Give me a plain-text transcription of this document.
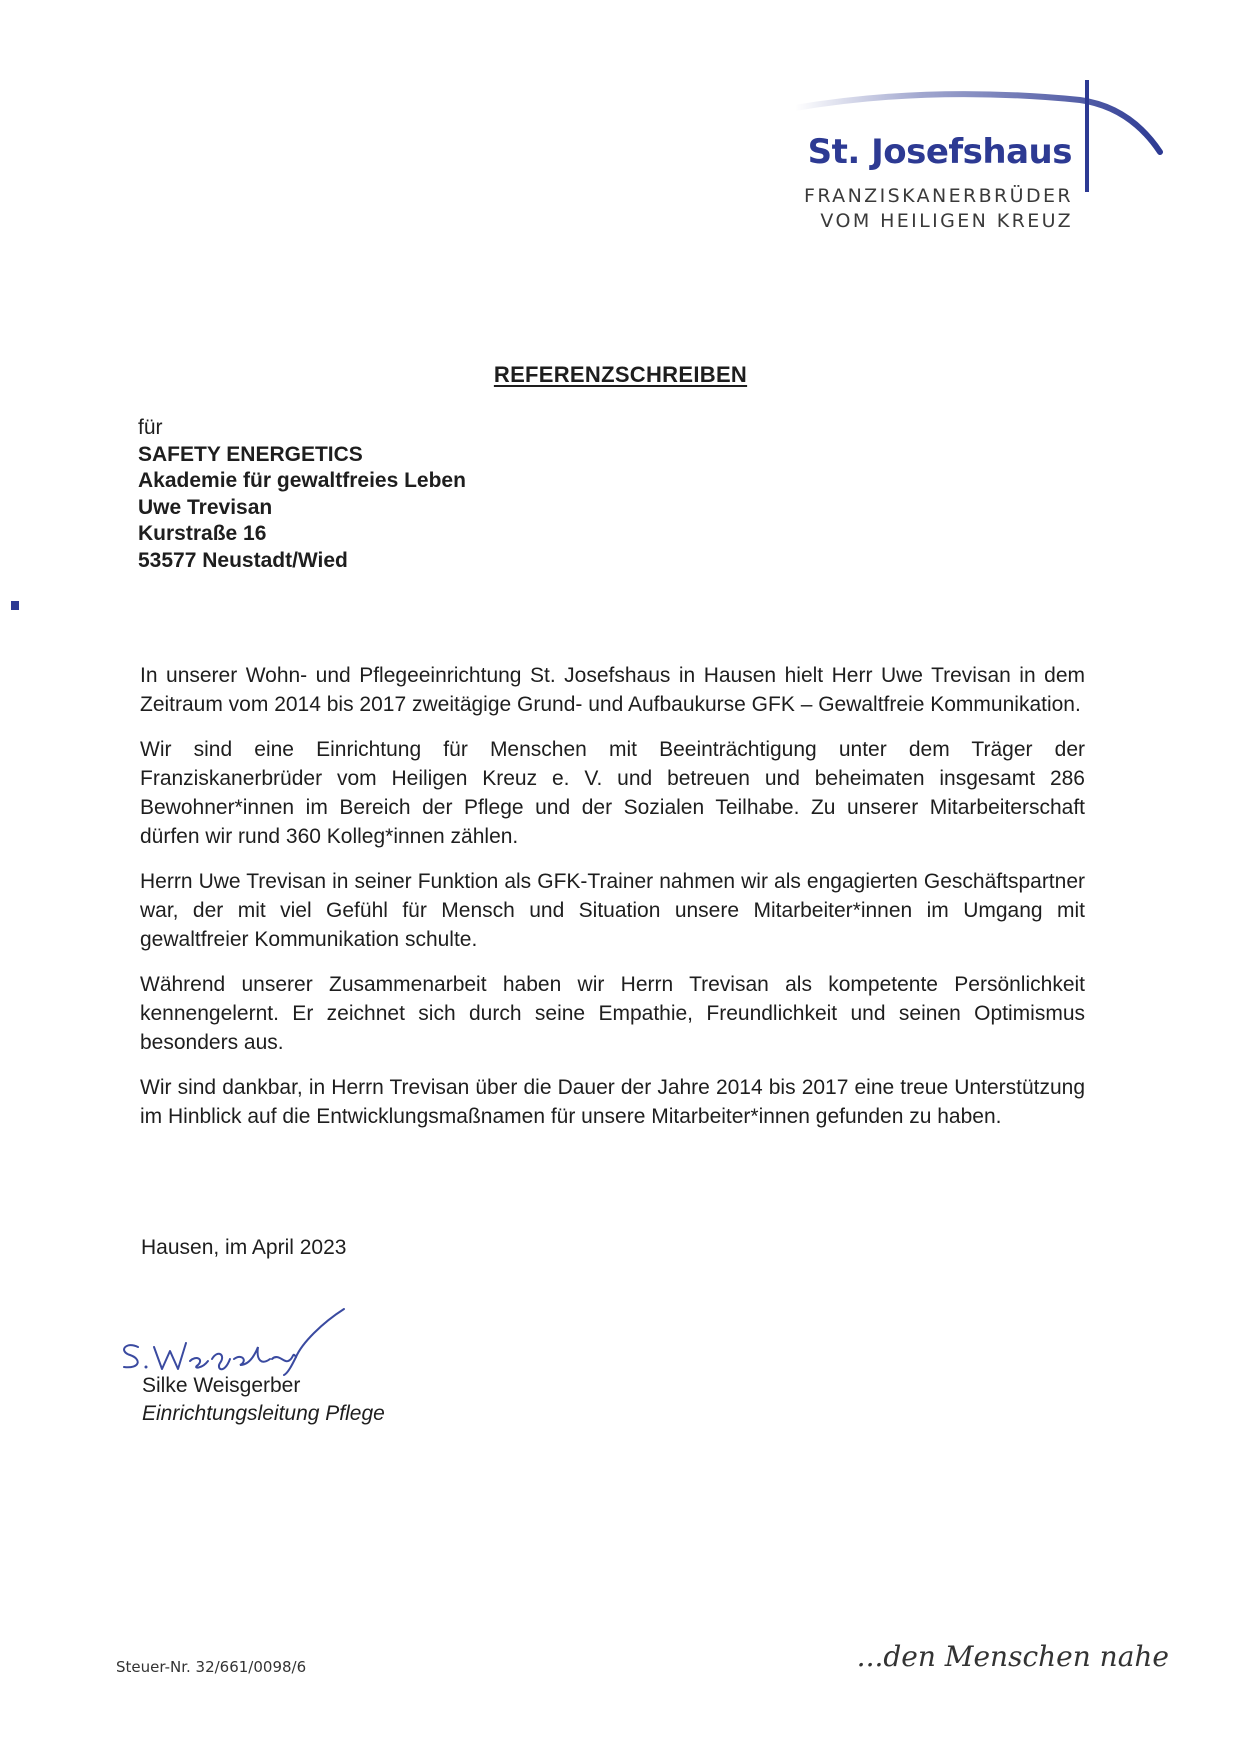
St. Josefshaus
FRANZISKANERBRÜDER
VOM HEILIGEN KREUZ
REFERENZSCHREIBEN
für
SAFETY ENERGETICS
Akademie für gewaltfreies Leben
Uwe Trevisan
Kurstraße 16
53577 Neustadt/Wied

In unserer Wohn- und Pflegeeinrichtung St. Josefshaus in Hausen hielt Herr Uwe Trevisan in dem Zeitraum vom 2014 bis 2017 zweitägige Grund- und Aufbaukurse GFK – Gewaltfreie Kommunikation.

Wir sind eine Einrichtung für Menschen mit Beeinträchtigung unter dem Träger der Franziskanerbrüder vom Heiligen Kreuz e. V. und betreuen und beheimaten insgesamt 286 Bewohner*innen im Bereich der Pflege und der Sozialen Teilhabe. Zu unserer Mitarbeiterschaft dürfen wir rund 360 Kolleg*innen zählen.

Herrn Uwe Trevisan in seiner Funktion als GFK-Trainer nahmen wir als engagierten Geschäftspartner war, der mit viel Gefühl für Mensch und Situation unsere Mitarbeiter*innen im Umgang mit gewaltfreier Kommunikation schulte.

Während unserer Zusammenarbeit haben wir Herrn Trevisan als kompetente Persönlichkeit kennengelernt. Er zeichnet sich durch seine Empathie, Freundlichkeit und seinen Optimismus besonders aus.

Wir sind dankbar, in Herrn Trevisan über die Dauer der Jahre 2014 bis 2017 eine treue Unterstützung im Hinblick auf die Entwicklungsmaßnamen für unsere Mitarbeiter*innen gefunden zu haben.

Hausen, im April 2023
Silke Weisgerber
Einrichtungsleitung Pflege
Steuer-Nr. 32/661/0098/6	...den Menschen nahe
